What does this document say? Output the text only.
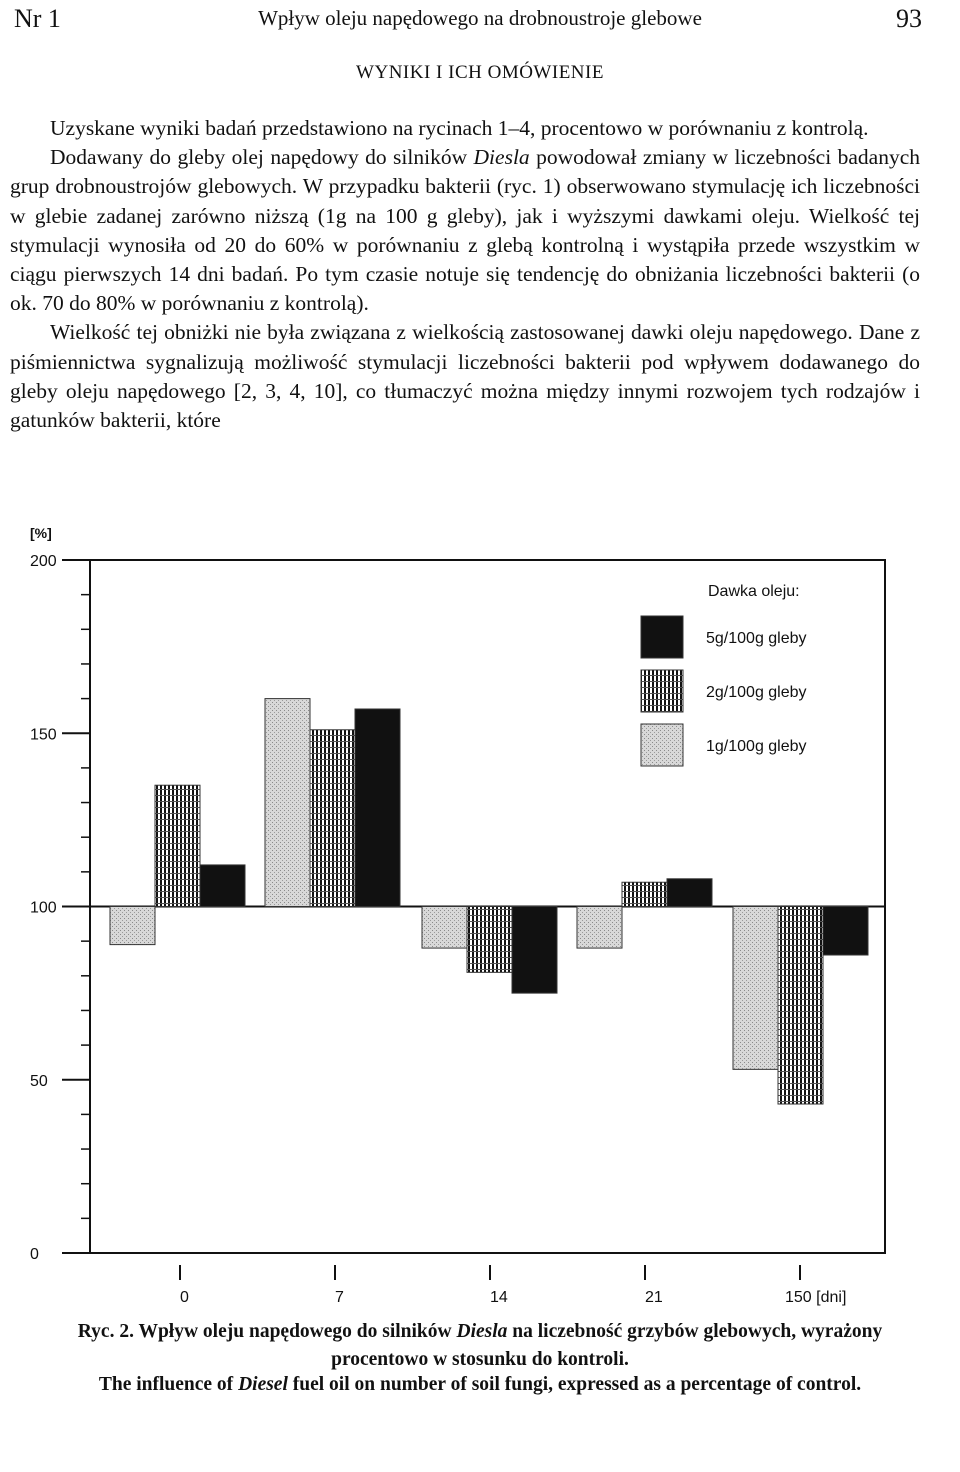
Nr 1	Wpływ oleju napędowego na drobnoustroje glebowe	93
WYNIKI I ICH OMÓWIENIE

Uzyskane wyniki badań przedstawiono na rycinach 1–4, procentowo w porównaniu z kontrolą.

Dodawany do gleby olej napędowy do silników Diesla powodował zmiany w liczebności badanych grup drobnoustrojów glebowych. W przypadku bakterii (ryc. 1) obserwowano stymulację ich liczebności w glebie zadanej zarówno niższą (1g na 100 g gleby), jak i wyższymi dawkami oleju. Wielkość tej stymulacji wynosiła od 20 do 60% w porównaniu z glebą kontrolną i wystąpiła przede wszystkim w ciągu pierwszych 14 dni badań. Po tym czasie notuje się tendencję do obniżania liczebności bakterii (o ok. 70 do 80% w porównaniu z kontrolą).

Wielkość tej obniżki nie była związana z wielkością zastosowanej dawki oleju napędowego. Dane z piśmiennictwa sygnalizują możliwość stymulacji liczebności bakterii pod wpływem dodawanego do gleby oleju napędowego [2, 3, 4, 10], co tłumaczyć można między innymi rozwojem tych rodzajów i gatunków bakterii, które

[%]
0
50
100
150
200
0	7	14	21	150 [dni]
Dawka oleju:
5g/100g gleby
2g/100g gleby
1g/100g gleby
Ryc. 2. Wpływ oleju napędowego do silników Diesla na liczebność grzybów glebowych, wyrażony procentowo w stosunku do kontroli.
The influence of Diesel fuel oil on number of soil fungi, expressed as a percentage of control.
